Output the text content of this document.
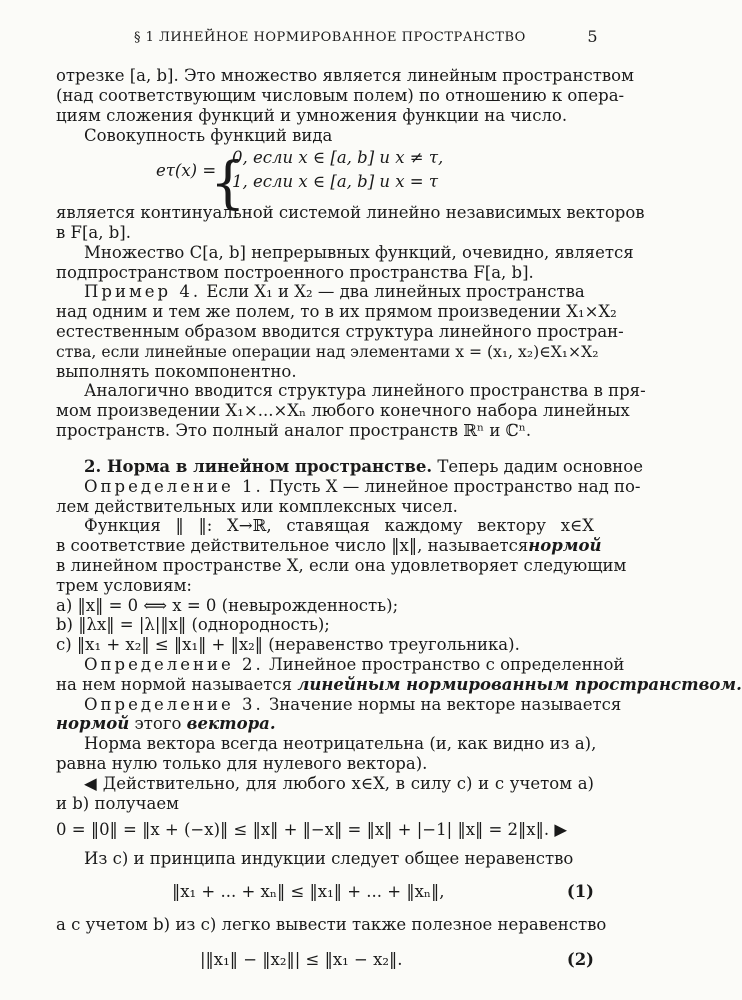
§ 1 ЛИНЕЙНОЕ НОРМИРОВАННОЕ ПРОСТРАНСТВО	5
отрезке [a, b]. Это множество является линейным пространством
(над соответствующим числовым полем) по отношению к опера-
циям сложения функций и умножения функции на число.
Совокупность функций вида
eτ(x) =
{
0, если x ∈ [a, b] и x ≠ τ,
1, если x ∈ [a, b] и x = τ
является континуальной системой линейно независимых векторов
в F[a, b].
Множество C[a, b] непрерывных функций, очевидно, является
подпространством построенного пространства F[a, b].
Пример 4. Если X₁ и X₂ — два линейных пространства
над одним и тем же полем, то в их прямом произведении X₁×X₂
естественным образом вводится структура линейного простран-
ства, если линейные операции над элементами x = (x₁, x₂)∈X₁×X₂
выполнять покомпонентно.
Аналогично вводится структура линейного пространства в пря-
мом произведении X₁×...×Xₙ любого конечного набора линейных
пространств. Это полный аналог пространств ℝⁿ и ℂⁿ.
2. Норма в линейном пространстве. Теперь дадим основное
Определение 1. Пусть X — линейное пространство над по-
лем действительных или комплексных чисел.
Функция ‖ ‖: X→ℝ, ставящая каждому вектору x∈X
в соответствие действительное число ‖x‖, называется нормой
в линейном пространстве X, если она удовлетворяет следующим
трем условиям:
a) ‖x‖ = 0 ⟺ x = 0 (невырожденность);
b) ‖λx‖ = |λ|‖x‖ (однородность);
c) ‖x₁ + x₂‖ ≤ ‖x₁‖ + ‖x₂‖ (неравенство треугольника).
Определение 2. Линейное пространство с определенной
на нем нормой называется линейным нормированным пространством.
Определение 3. Значение нормы на векторе называется
нормой этого вектора.
Норма вектора всегда неотрицательна (и, как видно из a),
равна нулю только для нулевого вектора).
◀ Действительно, для любого x∈X, в силу c) и с учетом a)
и b) получаем
0 = ‖0‖ = ‖x + (−x)‖ ≤ ‖x‖ + ‖−x‖ = ‖x‖ + |−1| ‖x‖ = 2‖x‖. ▶
Из c) и принципа индукции следует общее неравенство
‖x₁ + ... + xₙ‖ ≤ ‖x₁‖ + ... + ‖xₙ‖,	(1)
а с учетом b) из c) легко вывести также полезное неравенство
|‖x₁‖ − ‖x₂‖| ≤ ‖x₁ − x₂‖.	(2)
